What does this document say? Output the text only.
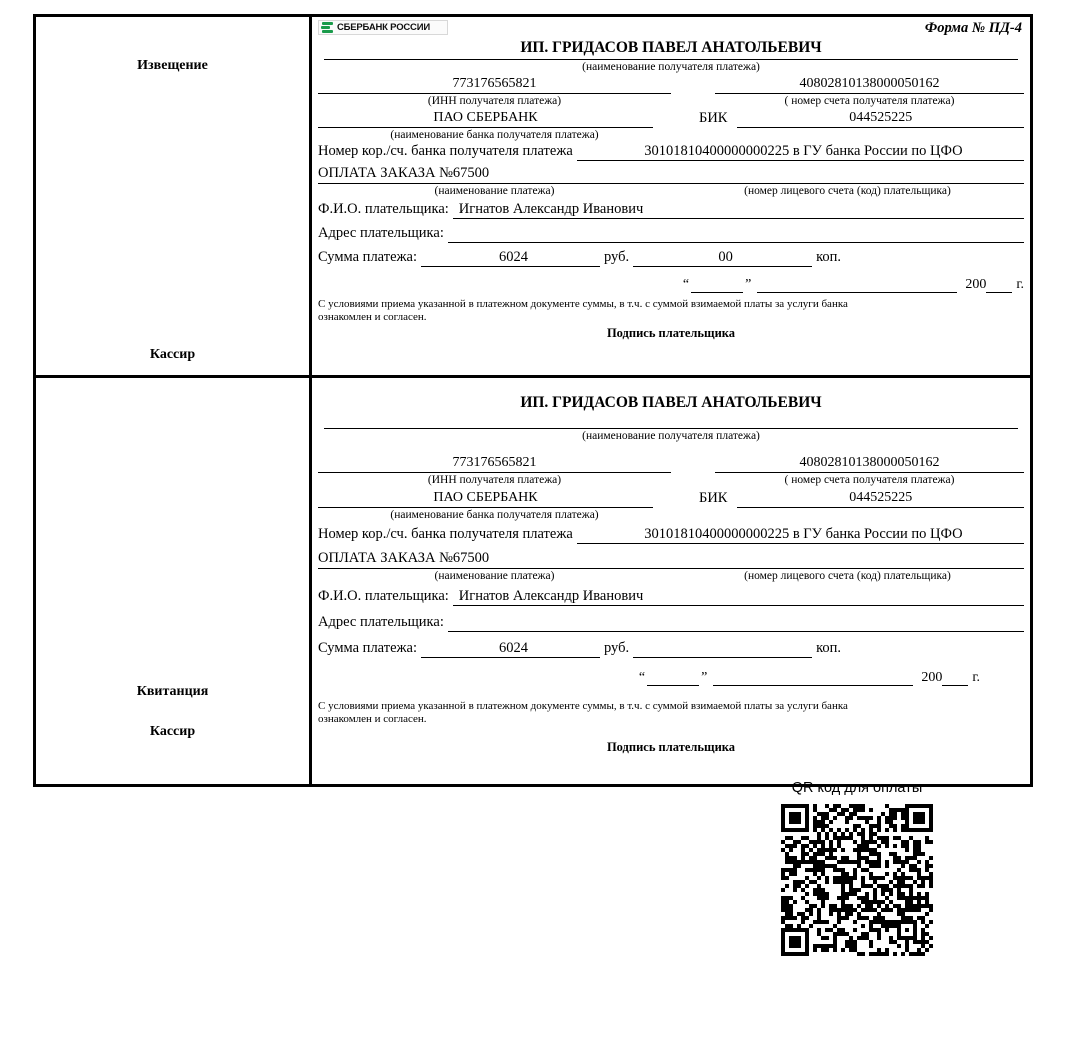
Извещение
Кассир
СБЕРБАНК РОССИИ	Форма № ПД-4
ИП. ГРИДАСОВ ПАВЕЛ АНАТОЛЬЕВИЧ
(наименование получателя платежа)
773176565821
(ИНН получателя платежа)
40802810138000050162
( номер счета получателя платежа)
ПАО СБЕРБАНК	БИК	044525225
(наименование банка получателя платежа)
Номер кор./сч. банка получателя платежа	30101810400000000225 в ГУ банка России по ЦФО
ОПЛАТА ЗАКАЗА №67500
(наименование платежа)	(номер лицевого счета (код) плательщика)
Ф.И.О. плательщика: Игнатов Александр Иванович
Адрес плательщика:
Сумма платежа:	6024	руб.	00	коп.
“	”	200 г.
С условиями приема указанной в платежном документе суммы, в т.ч. с суммой взимаемой платы за услуги банка
ознакомлен и согласен.
Подпись плательщика
Квитанция
Кассир
ИП. ГРИДАСОВ ПАВЕЛ АНАТОЛЬЕВИЧ
(наименование получателя платежа)
773176565821
(ИНН получателя платежа)
40802810138000050162
( номер счета получателя платежа)
ПАО СБЕРБАНК	БИК	044525225
(наименование банка получателя платежа)
Номер кор./сч. банка получателя платежа	30101810400000000225 в ГУ банка России по ЦФО
ОПЛАТА ЗАКАЗА №67500
(наименование платежа)	(номер лицевого счета (код) плательщика)
Ф.И.О. плательщика: Игнатов Александр Иванович
Адрес плательщика:
Сумма платежа:	6024	руб.	коп.
“	”	200 г.
С условиями приема указанной в платежном документе суммы, в т.ч. с суммой взимаемой платы за услуги банка
ознакомлен и согласен.
Подпись плательщика
QR код для оплаты
